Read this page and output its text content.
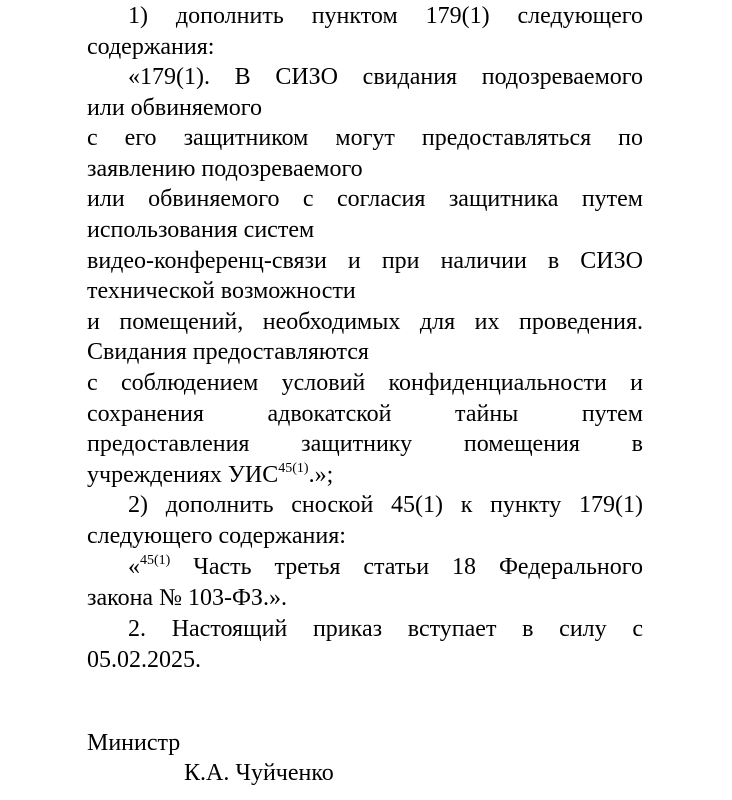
1) дополнить пунктом 179(1) следующего
содержания:
«179(1). В СИЗО свидания подозреваемого
или обвиняемого
с его защитником могут предоставляться по
заявлению подозреваемого
или обвиняемого с согласия защитника путем
использования систем
видео-конференц-связи и при наличии в СИЗО
технической возможности
и помещений, необходимых для их проведения.
Свидания предоставляются
с соблюдением условий конфиденциальности и
сохранения адвокатской тайны путем
предоставления защитнику помещения в
учреждениях УИС$^{45(1)}$.»;
2) дополнить сноской 45(1) к пункту 179(1)
следующего содержания:
«$^{45(1)}$ Часть третья статьи 18 Федерального
закона № 103-ФЗ.».
2. Настоящий приказ вступает в силу с
05.02.2025.
Министр
К.А. Чуйченко
